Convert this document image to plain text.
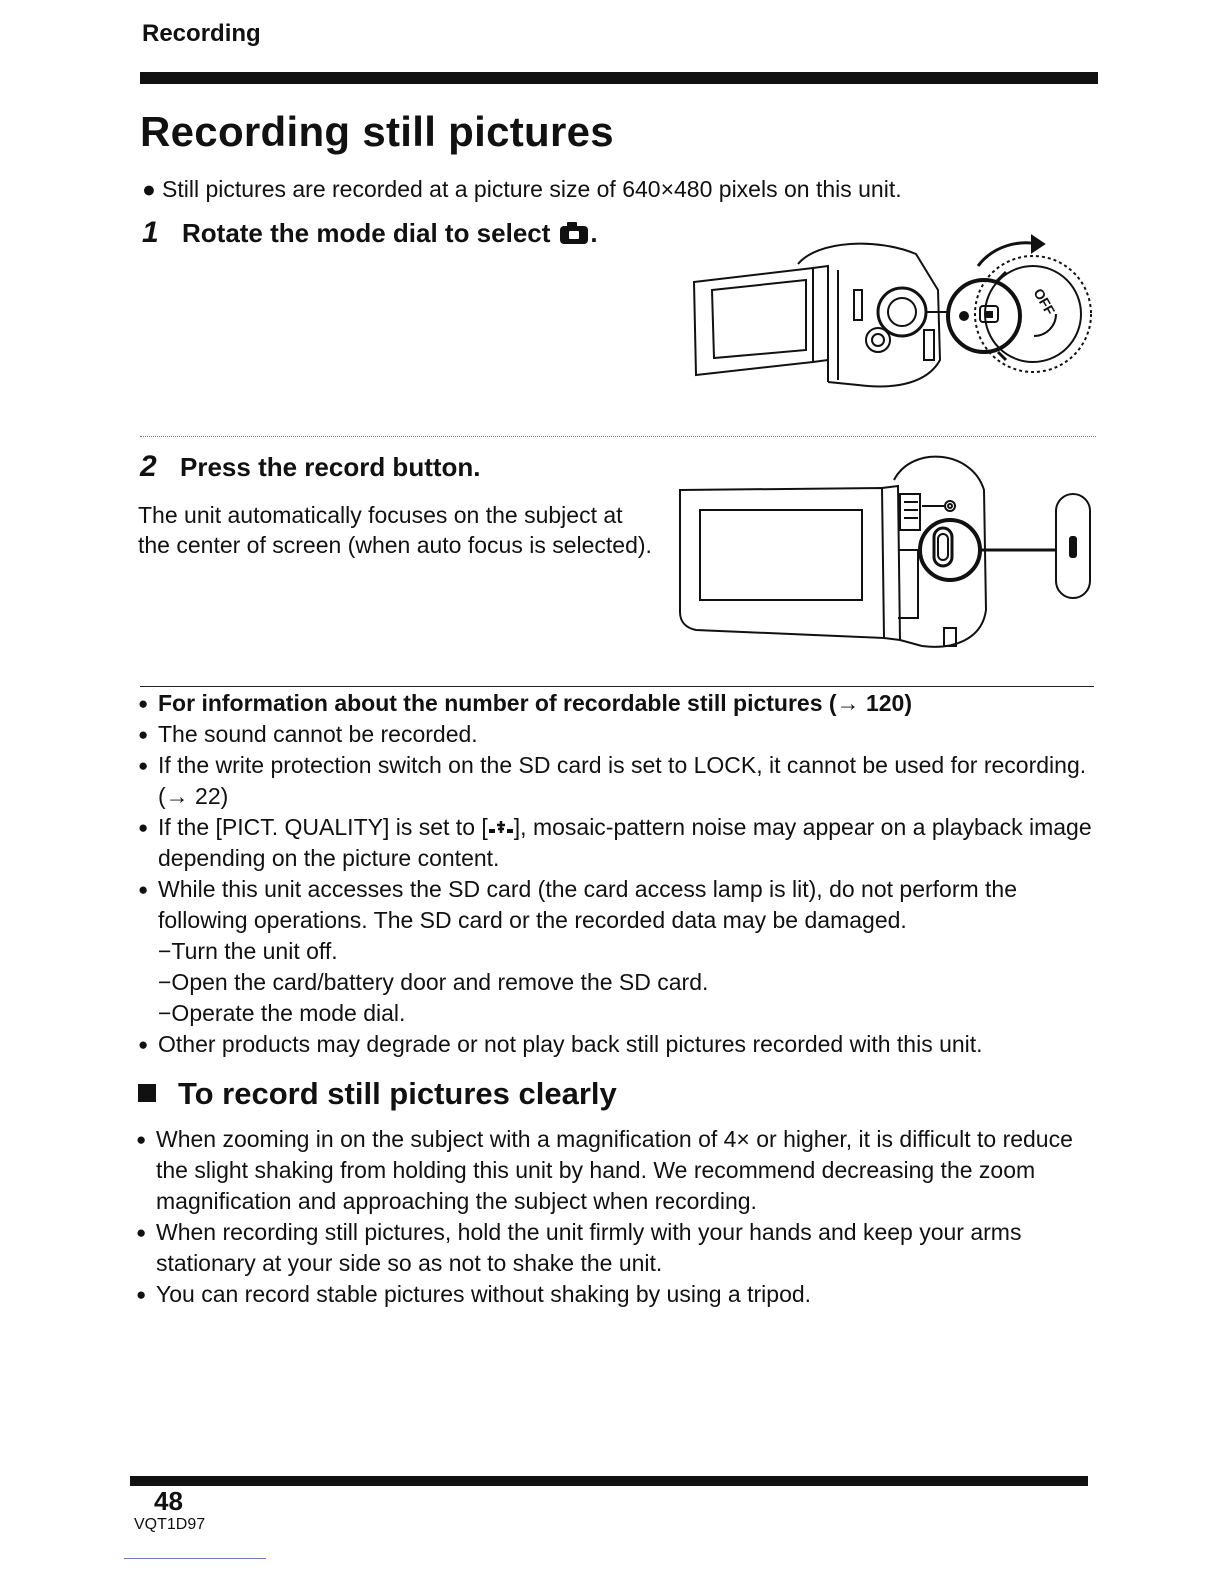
Recording
Recording still pictures
● Still pictures are recorded at a picture size of 640×480 pixels on this unit.
1 Rotate the mode dial to select .
OFF
2 Press the record button.
The unit automatically focuses on the subject at the center of screen (when auto focus is selected).
● For information about the number of recordable still pictures (→ 120)
● The sound cannot be recorded.
● If the write protection switch on the SD card is set to LOCK, it cannot be used for recording. (→ 22)
● If the [PICT. QUALITY] is set to [ ], mosaic-pattern noise may appear on a playback image depending on the picture content.
● While this unit accesses the SD card (the card access lamp is lit), do not perform the following operations. The SD card or the recorded data may be damaged.
−Turn the unit off.
−Open the card/battery door and remove the SD card.
−Operate the mode dial.
● Other products may degrade or not play back still pictures recorded with this unit.
To record still pictures clearly
● When zooming in on the subject with a magnification of 4× or higher, it is difficult to reduce the slight shaking from holding this unit by hand. We recommend decreasing the zoom magnification and approaching the subject when recording.
● When recording still pictures, hold the unit firmly with your hands and keep your arms stationary at your side so as not to shake the unit.
● You can record stable pictures without shaking by using a tripod.
48
VQT1D97
